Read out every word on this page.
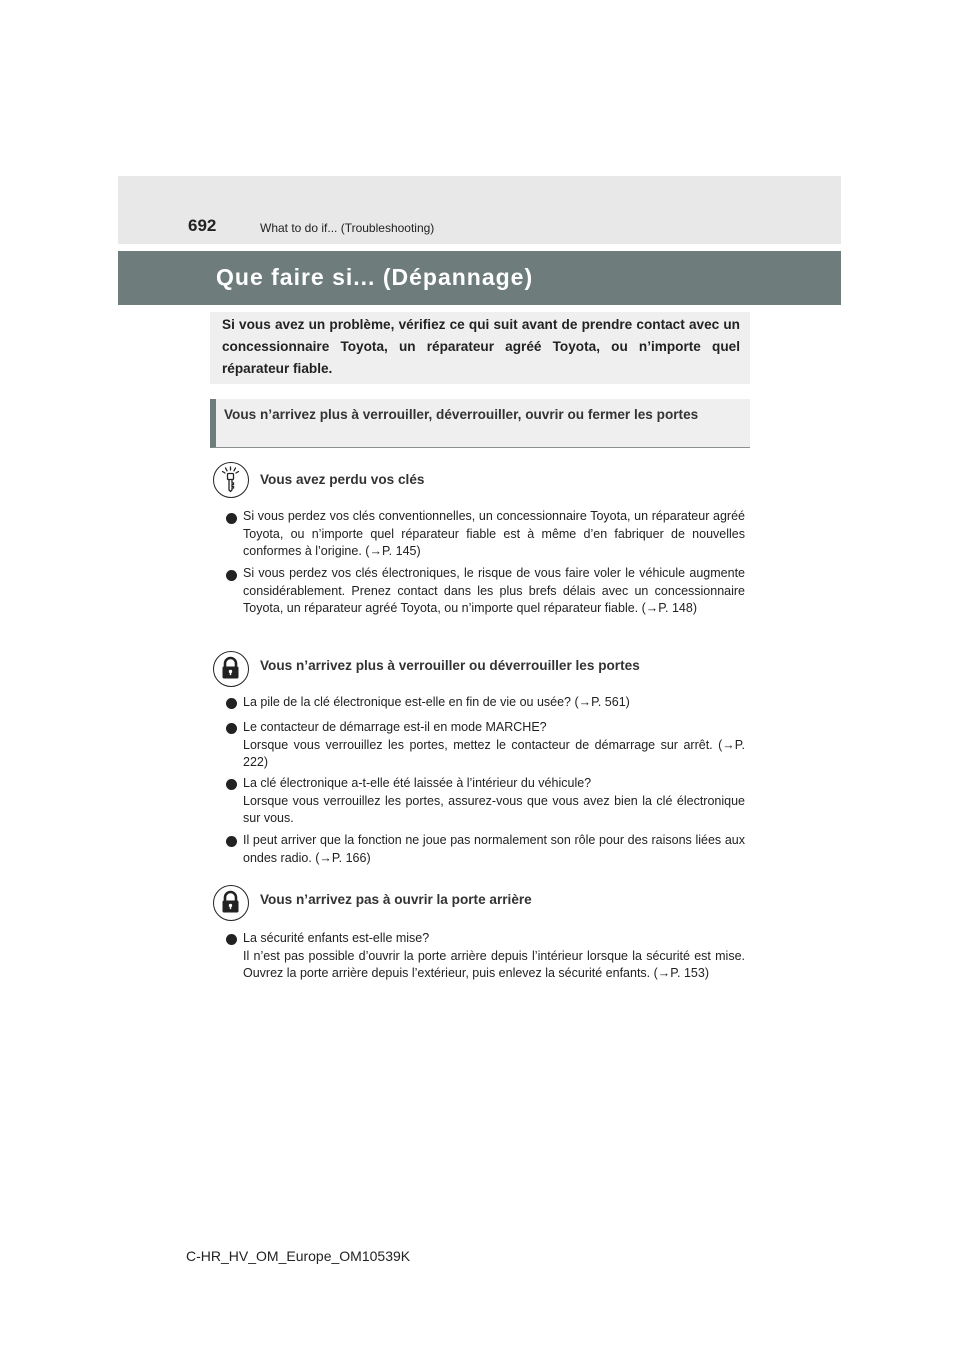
692	What to do if... (Troubleshooting)
Que faire si... (Dépannage)
Si vous avez un problème, vérifiez ce qui suit avant de prendre contact avec un concessionnaire Toyota, un réparateur agréé Toyota, ou n’importe quel réparateur fiable.
Vous n’arrivez plus à verrouiller, déverrouiller, ouvrir ou fermer les portes
Vous avez perdu vos clés
Si vous perdez vos clés conventionnelles, un concessionnaire Toyota, un réparateur agréé Toyota, ou n’importe quel réparateur fiable est à même d’en fabriquer de nouvelles conformes à l’origine. (→P. 145)
Si vous perdez vos clés électroniques, le risque de vous faire voler le véhicule augmente considérablement. Prenez contact dans les plus brefs délais avec un concessionnaire Toyota, un réparateur agréé Toyota, ou n’importe quel réparateur fiable. (→P. 148)
Vous n’arrivez plus à verrouiller ou déverrouiller les portes
La pile de la clé électronique est-elle en fin de vie ou usée? (→P. 561)
Le contacteur de démarrage est-il en mode MARCHE?
Lorsque vous verrouillez les portes, mettez le contacteur de démarrage sur arrêt. (→P. 222)
La clé électronique a-t-elle été laissée à l’intérieur du véhicule?
Lorsque vous verrouillez les portes, assurez-vous que vous avez bien la clé électronique sur vous.
Il peut arriver que la fonction ne joue pas normalement son rôle pour des raisons liées aux ondes radio. (→P. 166)
Vous n’arrivez pas à ouvrir la porte arrière
La sécurité enfants est-elle mise?
Il n’est pas possible d’ouvrir la porte arrière depuis l’intérieur lorsque la sécurité est mise. Ouvrez la porte arrière depuis l’extérieur, puis enlevez la sécurité enfants. (→P. 153)
C-HR_HV_OM_Europe_OM10539K
